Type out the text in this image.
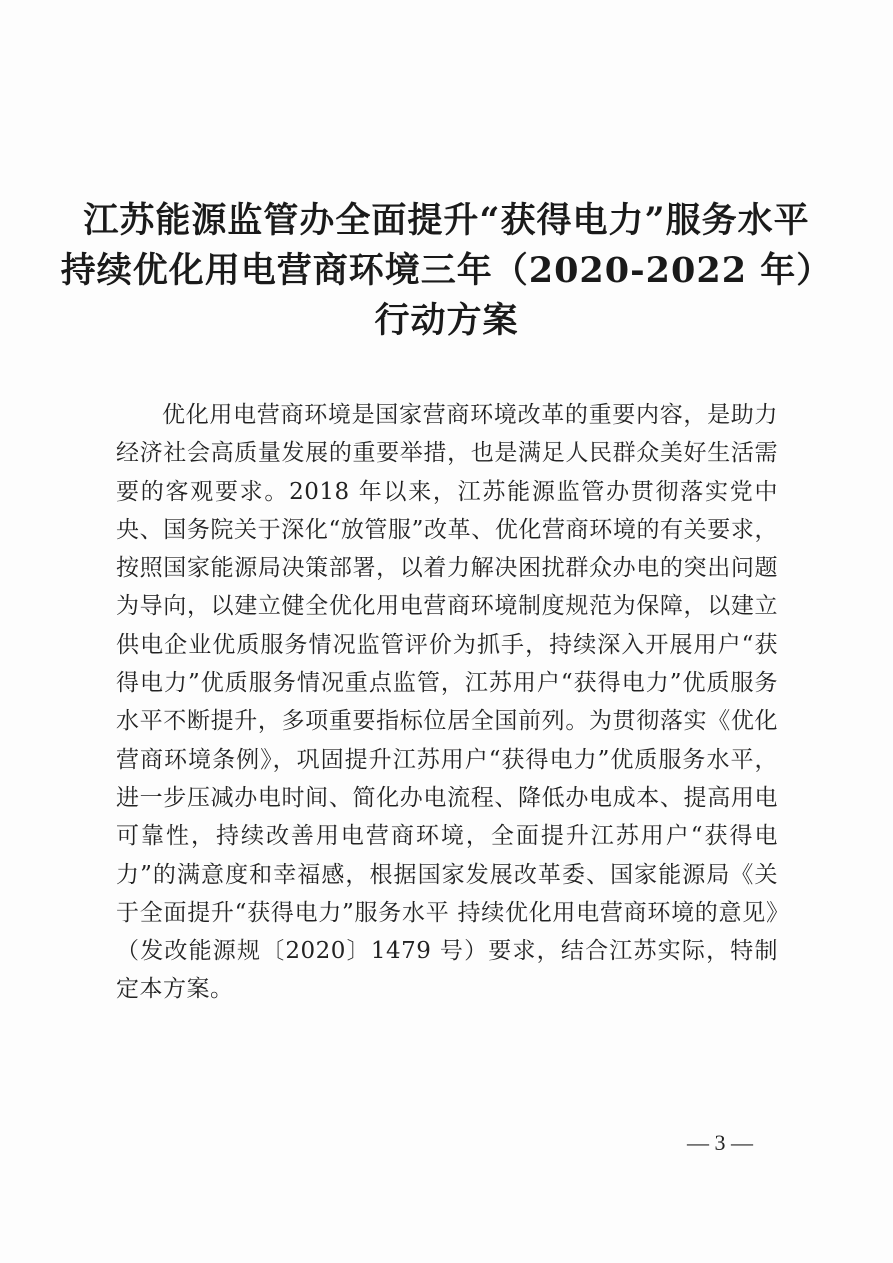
江苏能源监管办全面提升“获得电力”服务水平
持续优化用电营商环境三年（2020-2022 年）
行动方案

优化用电营商环境是国家营商环境改革的重要内容，是助力经济社会高质量发展的重要举措，也是满足人民群众美好生活需要的客观要求。2018 年以来，江苏能源监管办贯彻落实党中央、国务院关于深化“放管服”改革、优化营商环境的有关要求，按照国家能源局决策部署，以着力解决困扰群众办电的突出问题为导向，以建立健全优化用电营商环境制度规范为保障，以建立供电企业优质服务情况监管评价为抓手，持续深入开展用户“获得电力”优质服务情况重点监管，江苏用户“获得电力”优质服务水平不断提升，多项重要指标位居全国前列。为贯彻落实《优化营商环境条例》，巩固提升江苏用户“获得电力”优质服务水平，进一步压减办电时间、简化办电流程、降低办电成本、提高用电可靠性，持续改善用电营商环境，全面提升江苏用户“获得电力”的满意度和幸福感，根据国家发展改革委、国家能源局《关于全面提升“获得电力”服务水平 持续优化用电营商环境的意见》（发改能源规〔2020〕1479 号）要求，结合江苏实际，特制定本方案。

— 3 —
